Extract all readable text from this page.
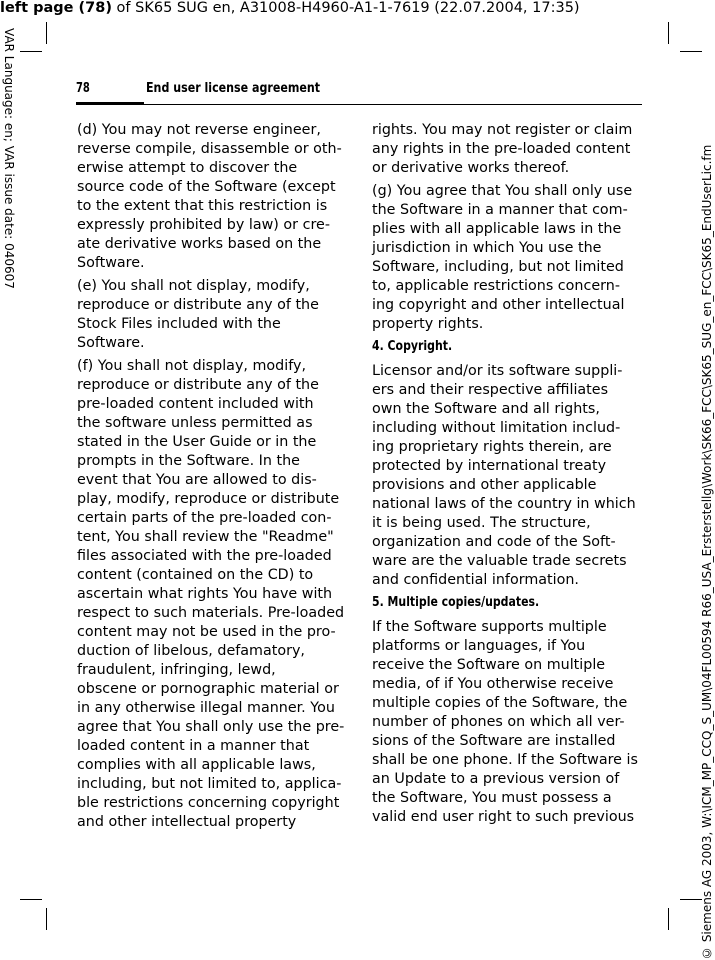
left page (78) of SK65 SUG en, A31008-H4960-A1-1-7619 (22.07.2004, 17:35)
VAR Language: en; VAR issue date: 040607	© Siemens AG 2003, W:\ICM_MP_CCQ_S_UM\04FL00594 R66_USA_Ersterstellg\Work\SK66_FCC\SK65_SUG_en_FCC\SK65_EndUserLic.fm
78	End user license agreement
(d) You may not reverse engineer,
reverse compile, disassemble or oth-
erwise attempt to discover the
source code of the Software (except
to the extent that this restriction is
expressly prohibited by law) or cre-
ate derivative works based on the
Software.
(e) You shall not display, modify,
reproduce or distribute any of the
Stock Files included with the
Software.
(f) You shall not display, modify,
reproduce or distribute any of the
pre-loaded content included with
the software unless permitted as
stated in the User Guide or in the
prompts in the Software. In the
event that You are allowed to dis-
play, modify, reproduce or distribute
certain parts of the pre-loaded con-
tent, You shall review the "Readme"
files associated with the pre-loaded
content (contained on the CD) to
ascertain what rights You have with
respect to such materials. Pre-loaded
content may not be used in the pro-
duction of libelous, defamatory,
fraudulent, infringing, lewd,
obscene or pornographic material or
in any otherwise illegal manner. You
agree that You shall only use the pre-
loaded content in a manner that
complies with all applicable laws,
including, but not limited to, applica-
ble restrictions concerning copyright
and other intellectual property
rights. You may not register or claim
any rights in the pre-loaded content
or derivative works thereof.
(g) You agree that You shall only use
the Software in a manner that com-
plies with all applicable laws in the
jurisdiction in which You use the
Software, including, but not limited
to, applicable restrictions concern-
ing copyright and other intellectual
property rights.
4. Copyright.
Licensor and/or its software suppli-
ers and their respective affiliates
own the Software and all rights,
including without limitation includ-
ing proprietary rights therein, are
protected by international treaty
provisions and other applicable
national laws of the country in which
it is being used. The structure,
organization and code of the Soft-
ware are the valuable trade secrets
and confidential information.
5. Multiple copies/updates.
If the Software supports multiple
platforms or languages, if You
receive the Software on multiple
media, of if You otherwise receive
multiple copies of the Software, the
number of phones on which all ver-
sions of the Software are installed
shall be one phone. If the Software is
an Update to a previous version of
the Software, You must possess a
valid end user right to such previous
